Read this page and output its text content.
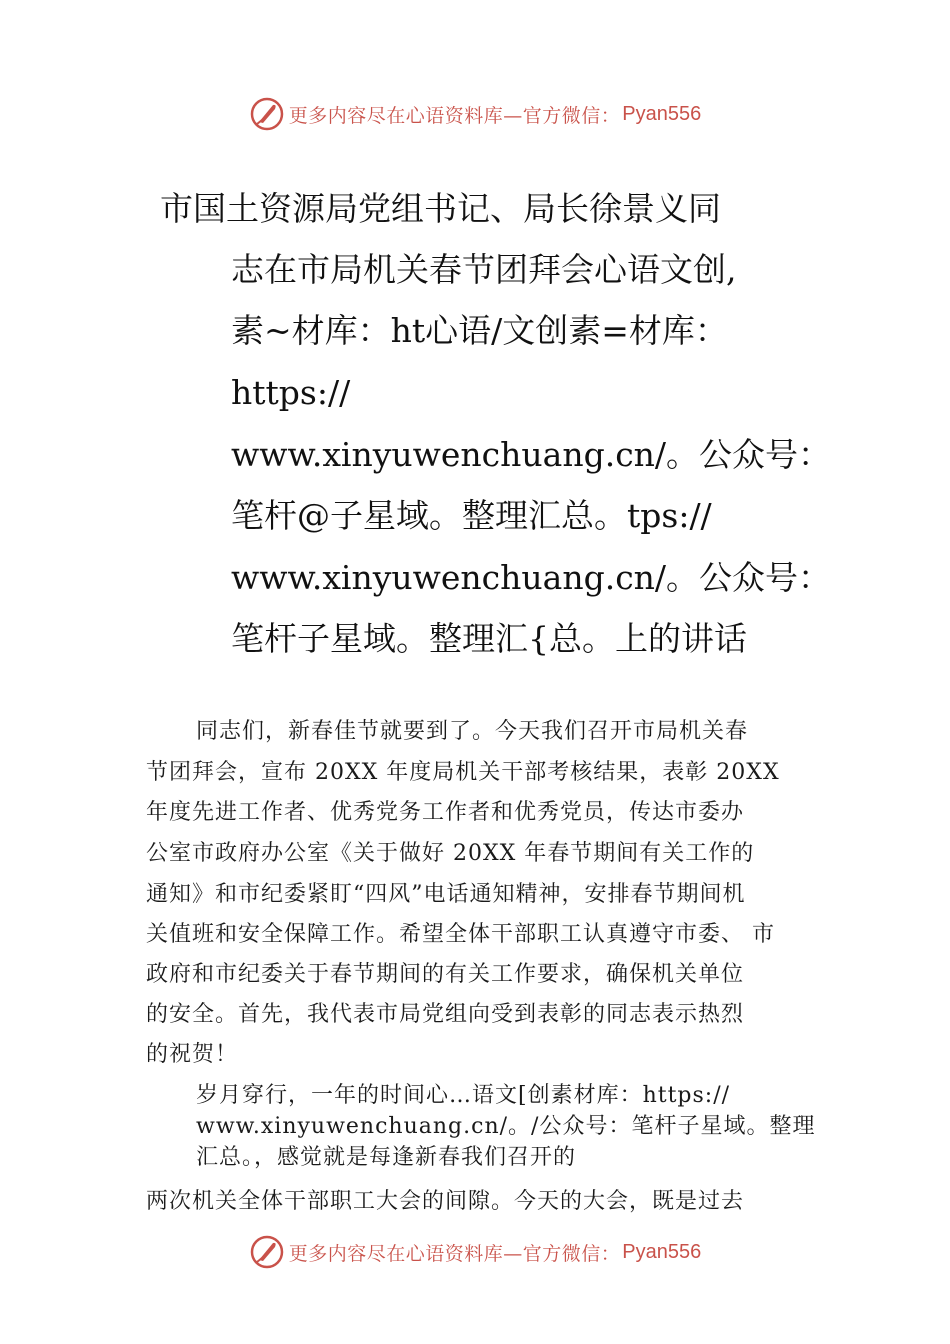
更多内容尽在心语资料库—官方微信： Pyan556
市国土资源局党组书记、局长徐景义同
志在市局机关春节团拜会心语文创,
素~材库：ht心语/文创素=材库：
https://
www.xinyuwenchuang.cn/。公众号：
笔杆@子星域。整理汇总。tps://
www.xinyuwenchuang.cn/。公众号：
笔杆子星域。整理汇{总。上的讲话
同志们，新春佳节就要到了。今天我们召开市局机关春
节团拜会，宣布 20XX 年度局机关干部考核结果，表彰 20XX
年度先进工作者、优秀党务工作者和优秀党员，传达市委办
公室市政府办公室《关于做好 20XX 年春节期间有关工作的
通知》和市纪委紧盯“四风”电话通知精神，安排春节期间机
关值班和安全保障工作。希望全体干部职工认真遵守市委、 市
政府和市纪委关于春节期间的有关工作要求，确保机关单位
的安全。首先，我代表市局党组向受到表彰的同志表示热烈
的祝贺！
岁月穿行，一年的时间心…语文[创素材库：https://
www.xinyuwenchuang.cn/。/公众号：笔杆子星域。整理
汇总。，感觉就是每逢新春我们召开的
两次机关全体干部职工大会的间隙。今天的大会，既是过去
更多内容尽在心语资料库—官方微信： Pyan556
